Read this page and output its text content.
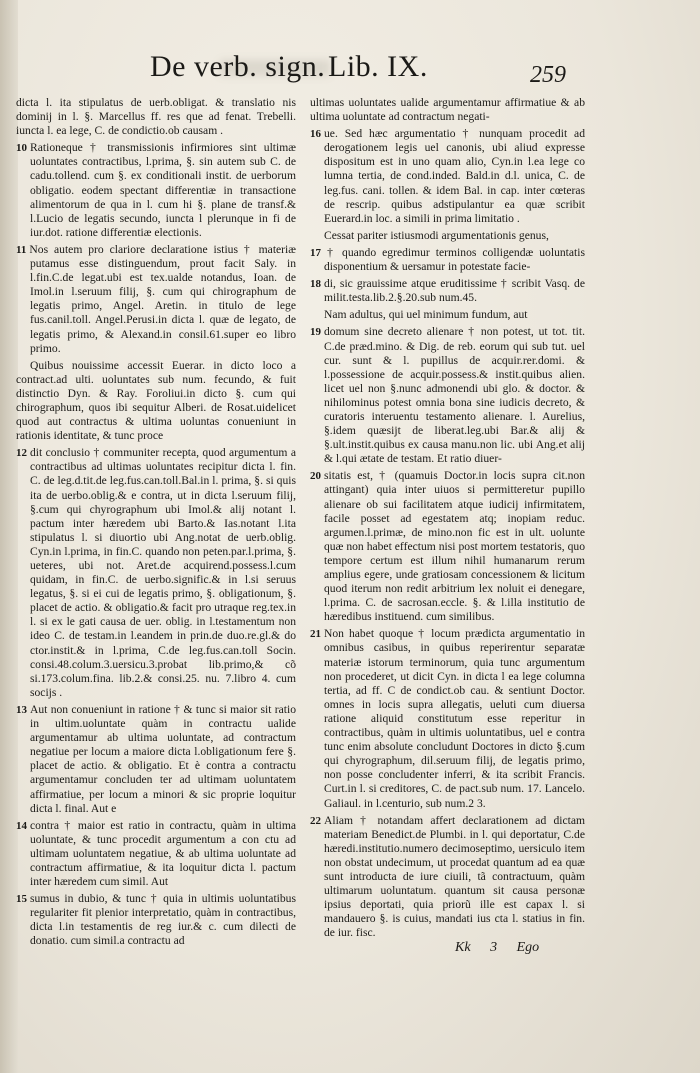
De verb. sign. Lib. IX.	259

dicta l. ita stipulatus de uerb.obligat. & translatio nis dominij in l. §. Marcellus ff. res que ad fenat. Trebelli. iuncta l. ea lege, C. de condictio.ob causam .

10 Rationeque † transmissionis infirmiores sint ultimæ uoluntates contractibus, l.prima, §. sin autem sub C. de cadu.tollend. cum §. ex conditionali instit. de uerborum obligatio. eodem spectant differentiæ in transactione alimentorum de qua in l. cum hi §. plane de transf.& l.Lucio de legatis secundo, iuncta l plerunque in fi de iur.dot. ratione differentiæ electionis.

11 Nos autem pro clariore declaratione istius † materiæ putamus esse distinguendum, prout facit Saly. in l.fin.C.de legat.ubi est tex.ualde notandus, Ioan. de Imol.in l.seruum filij, §. cum qui chirographum de legatis primo, Angel. Aretin. in titulo de lege fus.canil.toll. Angel.Perusi.in dicta l. quæ de legato, de legatis primo, & Alexand.in consil.61.super eo libro primo.

Quibus nouissime accessit Euerar. in dicto loco a contract.ad ulti. uoluntates sub num. fecundo, & fuit distinctio Dyn. & Ray. Foroliui.in dicto §. cum qui chirographum, quos ibi sequitur Alberi. de Rosat.uidelicet quod aut contractus & ultima uoluntas conueniunt in rationis identitate, & tunc proce

12 dit conclusio † communiter recepta, quod argumentum a contractibus ad ultimas uoluntates recipitur dicta l. fin. C. de leg.d.tit.de leg.fus.can.toll.Bal.in l. prima, §. si quis ita de uerbo.oblig.& e contra, ut in dicta l.seruum filij, §.cum qui chyrographum ubi Imol.& alij notant l. pactum inter hæredem ubi Barto.& Ias.notant l.ita stipulatus l. si diuortio ubi Ang.notat de uerb.oblig. Cyn.in l.prima, in fin.C. quando non peten.par.l.prima, §. ueteres, ubi not. Aret.de acquirend.possess.l.cum quidam, in fin.C. de uerbo.signific.& in l.si seruus legatus, §. si ei cui de legatis primo, §. obligationum, §. placet de actio. & obligatio.& facit pro utraque reg.tex.in l. si ex le gati causa de uer. oblig. in l.testamentum non ideo C. de testam.in l.eandem in prin.de duo.re.gl.& do ctor.instit.& in l.prima, C.de leg.fus.can.toll Socin. consi.48.colum.3.uersicu.3.probat lib.primo,& cõ si.173.colum.fina. lib.2.& consi.25. nu. 7.libro 4. cum socijs .

13 Aut non conueniunt in ratione † & tunc si maior sit ratio in ultim.uoluntate quàm in contractu ualide argumentamur ab ultima uoluntate, ad contractum negatiue per locum a maiore dicta l.obligationum fere §. placet de actio. & obligatio. Et è contra a contractu argumentamur concluden ter ad ultimam uoluntatem affirmatiue, per locum a minori & sic proprie loquitur dicta l. final. Aut e

14 contra † maior est ratio in contractu, quàm in ultima uoluntate, & tunc procedit argumentum a con ctu ad ultimam uoluntatem negatiue, & ab ultima uoluntate ad contractum affirmatiue, & ita loquitur dicta l. pactum inter hæredem cum simil. Aut

15 sumus in dubio, & tunc † quia in ultimis uoluntatibus regulariter fit plenior interpretatio, quàm in contractibus, dicta l.in testamentis de reg iur.& c. cum dilecti de donatio. cum simil.a contractu ad

ultimas uoluntates ualide argumentamur affirmatiue & ab ultima uoluntate ad contractum negati-

16 ue. Sed hæc argumentatio † nunquam procedit ad derogationem legis uel canonis, ubi aliud expresse dispositum est in uno quam alio, Cyn.in l.ea lege co lumna tertia, de cond.inded. Bald.in d.l. unica, C. de leg.fus. cani. tollen. & idem Bal. in cap. inter cœteras de rescrip. quibus adstipulantur ea quæ scribit Euerard.in loc. a simili in prima limitatio .

Cessat pariter istiusmodi argumentationis genus,

17 † quando egredimur terminos colligendæ uoluntatis disponentium & uersamur in potestate facie-

18 di, sic grauissime atque eruditissime † scribit Vasq. de milit.testa.lib.2.§.20.sub num.45.

Nam adultus, qui uel minimum fundum, aut

19 domum sine decreto alienare † non potest, ut tot. tit. C.de præd.mino. & Dig. de reb. eorum qui sub tut. uel cur. sunt & l. pupillus de acquir.rer.domi. & l.possessione de acquir.possess.& instit.quibus alien. licet uel non §.nunc admonendi ubi glo. & doctor. & nihilominus potest omnia bona sine iudicis decreto, & curatoris interuentu testamento alienare. l. Aurelius, §.idem quæsijt de liberat.leg.ubi Bar.& alij & §.ult.instit.quibus ex causa manu.non lic. ubi Ang.et alij & l.qui ætate de testam. Et ratio diuer-

20 sitatis est, † (quamuis Doctor.in locis supra cit.non attingant) quia inter uiuos si permitteretur pupillo alienare ob sui facilitatem atque iudicij infirmitatem, facile posset ad egestatem atq; inopiam reduc. argumen.l.primæ, de mino.non fic est in ult. uolunte quæ non habet effectum nisi post mortem testatoris, quo tempore certum est illum nihil humanarum rerum amplius egere, unde gratiosam concessionem & licitum quod iterum non redit arbitrium lex noluit ei denegare, l.prima. C. de sacrosan.eccle. §. & l.illa institutio de hæredibus instituend. cum similibus.

21 Non habet quoque † locum prædicta argumentatio in omnibus casibus, in quibus reperirentur separatæ materiæ istorum terminorum, quia tunc argumentum non procederet, ut dicit Cyn. in dicta l ea lege columna tertia, ad ff. C de condict.ob cau. & sentiunt Doctor. omnes in locis supra allegatis, ueluti cum diuersa ratione aliquid constitutum esse reperitur in contractibus, quàm in ultimis uoluntatibus, uel e contra tunc enim absolute concludunt Doctores in dicto §.cum qui chyrographum, dil.seruum filij, de legatis primo, non posse concludenter inferri, & ita scribit Francis. Curt.in l. si creditores, C. de pact.sub num. 17. Lancelo. Galiaul. in l.centurio, sub num.2 3.

22 Aliam † notandam affert declarationem ad dictam materiam Benedict.de Plumbi. in l. qui deportatur, C.de hæredi.institutio.numero decimoseptimo, uersiculo item non obstat undecimum, ut procedat quantum ad ea quæ sunt introducta de iure ciuili, tã contractuum, quàm ultimarum uoluntatum. quantum sit causa personæ ipsius deportati, quia priorũ ille est capax l. si mandauero §. is cuius, mandati ius cta l. statius in fin. de iur. fisc.

Kk 3 Ego
